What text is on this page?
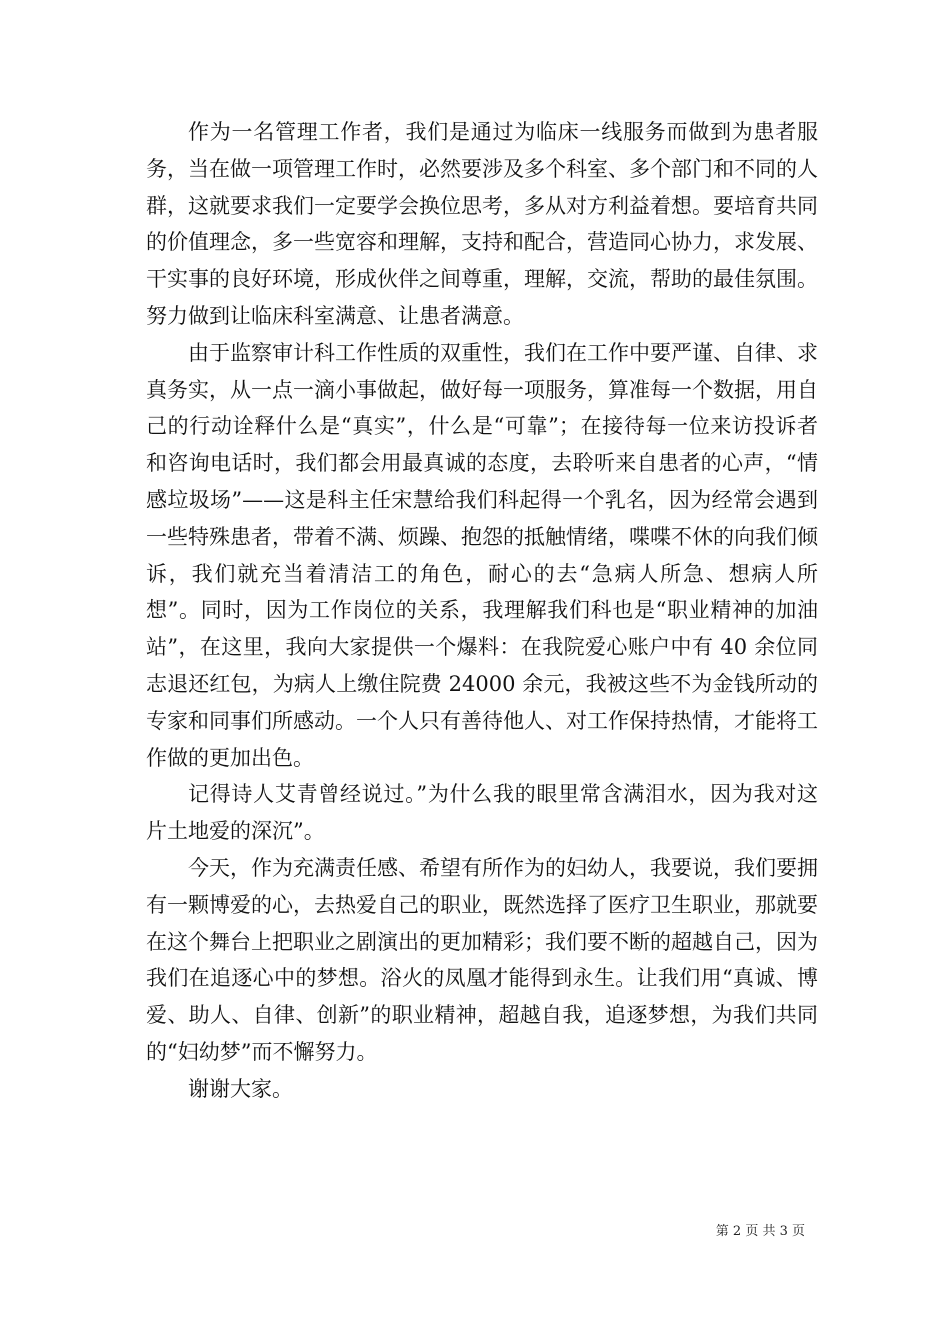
作为一名管理工作者，我们是通过为临床一线服务而做到为患者服务，当在做一项管理工作时，必然要涉及多个科室、多个部门和不同的人群，这就要求我们一定要学会换位思考，多从对方利益着想。要培育共同的价值理念，多一些宽容和理解，支持和配合，营造同心协力，求发展、干实事的良好环境，形成伙伴之间尊重，理解，交流，帮助的最佳氛围。努力做到让临床科室满意、让患者满意。

由于监察审计科工作性质的双重性，我们在工作中要严谨、自律、求真务实，从一点一滴小事做起，做好每一项服务，算准每一个数据，用自己的行动诠释什么是“真实”，什么是“可靠”；在接待每一位来访投诉者和咨询电话时，我们都会用最真诚的态度，去聆听来自患者的心声，“情感垃圾场”——这是科主任宋慧给我们科起得一个乳名，因为经常会遇到一些特殊患者，带着不满、烦躁、抱怨的抵触情绪，喋喋不休的向我们倾诉，我们就充当着清洁工的角色，耐心的去“急病人所急、想病人所想”。同时，因为工作岗位的关系，我理解我们科也是“职业精神的加油站”，在这里，我向大家提供一个爆料：在我院爱心账户中有 40 余位同志退还红包，为病人上缴住院费 24000 余元，我被这些不为金钱所动的专家和同事们所感动。一个人只有善待他人、对工作保持热情，才能将工作做的更加出色。

记得诗人艾青曾经说过。”为什么我的眼里常含满泪水，因为我对这片土地爱的深沉”。

今天，作为充满责任感、希望有所作为的妇幼人，我要说，我们要拥有一颗博爱的心，去热爱自己的职业，既然选择了医疗卫生职业，那就要在这个舞台上把职业之剧演出的更加精彩；我们要不断的超越自己，因为我们在追逐心中的梦想。浴火的凤凰才能得到永生。让我们用“真诚、博爱、助人、自律、创新”的职业精神，超越自我，追逐梦想，为我们共同的“妇幼梦”而不懈努力。

谢谢大家。

第 2 页 共 3 页
